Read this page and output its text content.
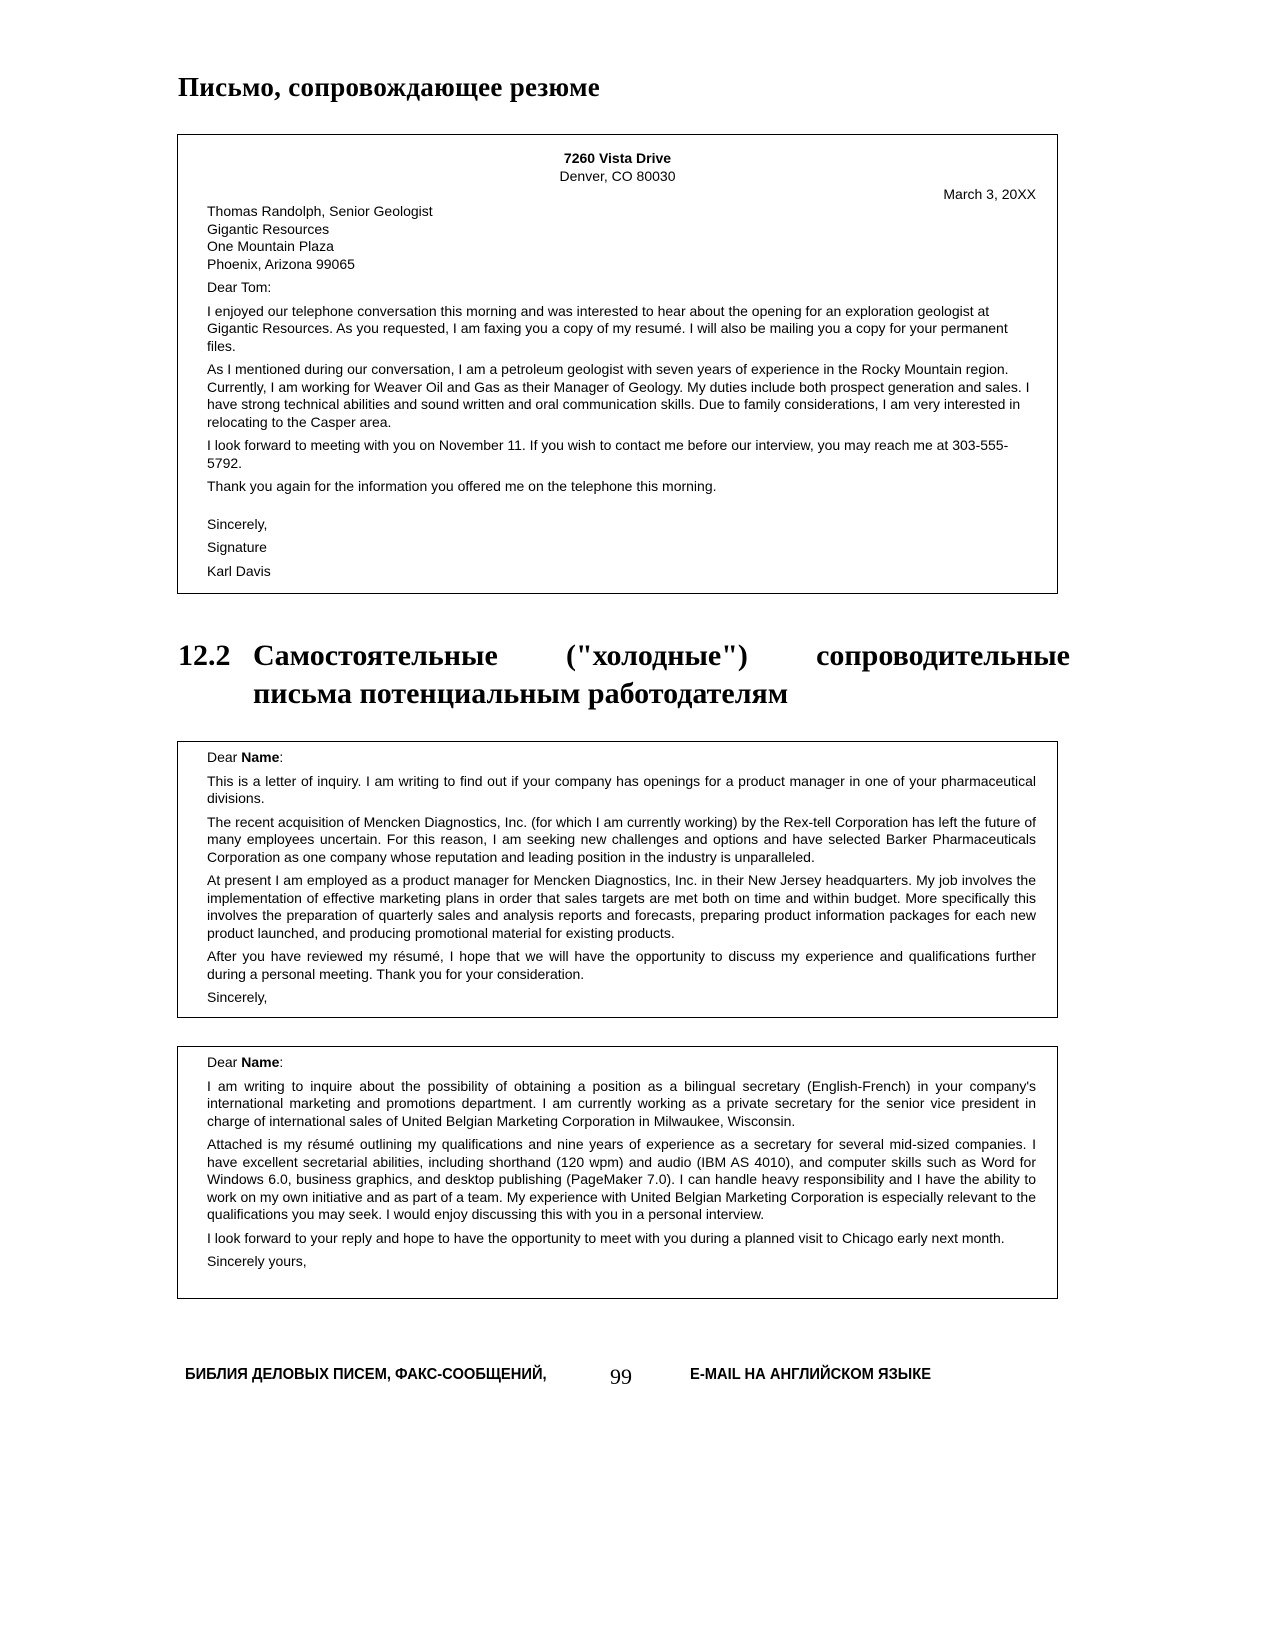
Письмо, сопровождающее резюме
7260 Vista Drive
Denver, CO 80030
March 3, 20XX
Thomas Randolph, Senior Geologist
Gigantic Resources
One Mountain Plaza
Phoenix, Arizona 99065

Dear Tom:

I enjoyed our telephone conversation this morning and was interested to hear about the opening for an exploration geologist at Gigantic Resources. As you requested, I am faxing you a copy of my resumé. I will also be mailing you a copy for your permanent files.

As I mentioned during our conversation, I am a petroleum geologist with seven years of experience in the Rocky Mountain region. Currently, I am working for Weaver Oil and Gas as their Manager of Geology. My duties include both prospect generation and sales. I have strong technical abilities and sound written and oral communication skills. Due to family considerations, I am very interested in relocating to the Casper area.

I look forward to meeting with you on November 11. If you wish to contact me before our interview, you may reach me at 303-555-5792.

Thank you again for the information you offered me on the telephone this morning.

Sincerely,

Signature

Karl Davis

12.2 Самостоятельные ("холодные") сопроводительные
письма потенциальным работодателям

Dear Name:

This is a letter of inquiry. I am writing to find out if your company has openings for a product manager in one of your pharmaceutical divisions.

The recent acquisition of Mencken Diagnostics, Inc. (for which I am currently working) by the Rex-tell Corporation has left the future of many employees uncertain. For this reason, I am seeking new challenges and options and have selected Barker Pharmaceuticals Corporation as one company whose reputation and leading position in the industry is unparalleled.

At present I am employed as a product manager for Mencken Diagnostics, Inc. in their New Jersey headquarters. My job involves the implementation of effective marketing plans in order that sales targets are met both on time and within budget. More specifically this involves the preparation of quarterly sales and analysis reports and forecasts, preparing product information packages for each new product launched, and producing promotional material for existing products.

After you have reviewed my résumé, I hope that we will have the opportunity to discuss my experience and qualifications further during a personal meeting. Thank you for your consideration.

Sincerely,

Dear Name:

I am writing to inquire about the possibility of obtaining a position as a bilingual secretary (English-French) in your company's international marketing and promotions department. I am currently working as a private secretary for the senior vice president in charge of international sales of United Belgian Marketing Corporation in Milwaukee, Wisconsin.

Attached is my résumé outlining my qualifications and nine years of experience as a secretary for several mid-sized companies. I have excellent secretarial abilities, including shorthand (120 wpm) and audio (IBM AS 4010), and computer skills such as Word for Windows 6.0, business graphics, and desktop publishing (PageMaker 7.0). I can handle heavy responsibility and I have the ability to work on my own initiative and as part of a team. My experience with United Belgian Marketing Corporation is especially relevant to the qualifications you may seek. I would enjoy discussing this with you in a personal interview.

I look forward to your reply and hope to have the opportunity to meet with you during a planned visit to Chicago early next month.

Sincerely yours,

БИБЛИЯ ДЕЛОВЫХ ПИСЕМ, ФАКС-СООБЩЕНИЙ,	99	E-MAIL НА АНГЛИЙСКОМ ЯЗЫКЕ
